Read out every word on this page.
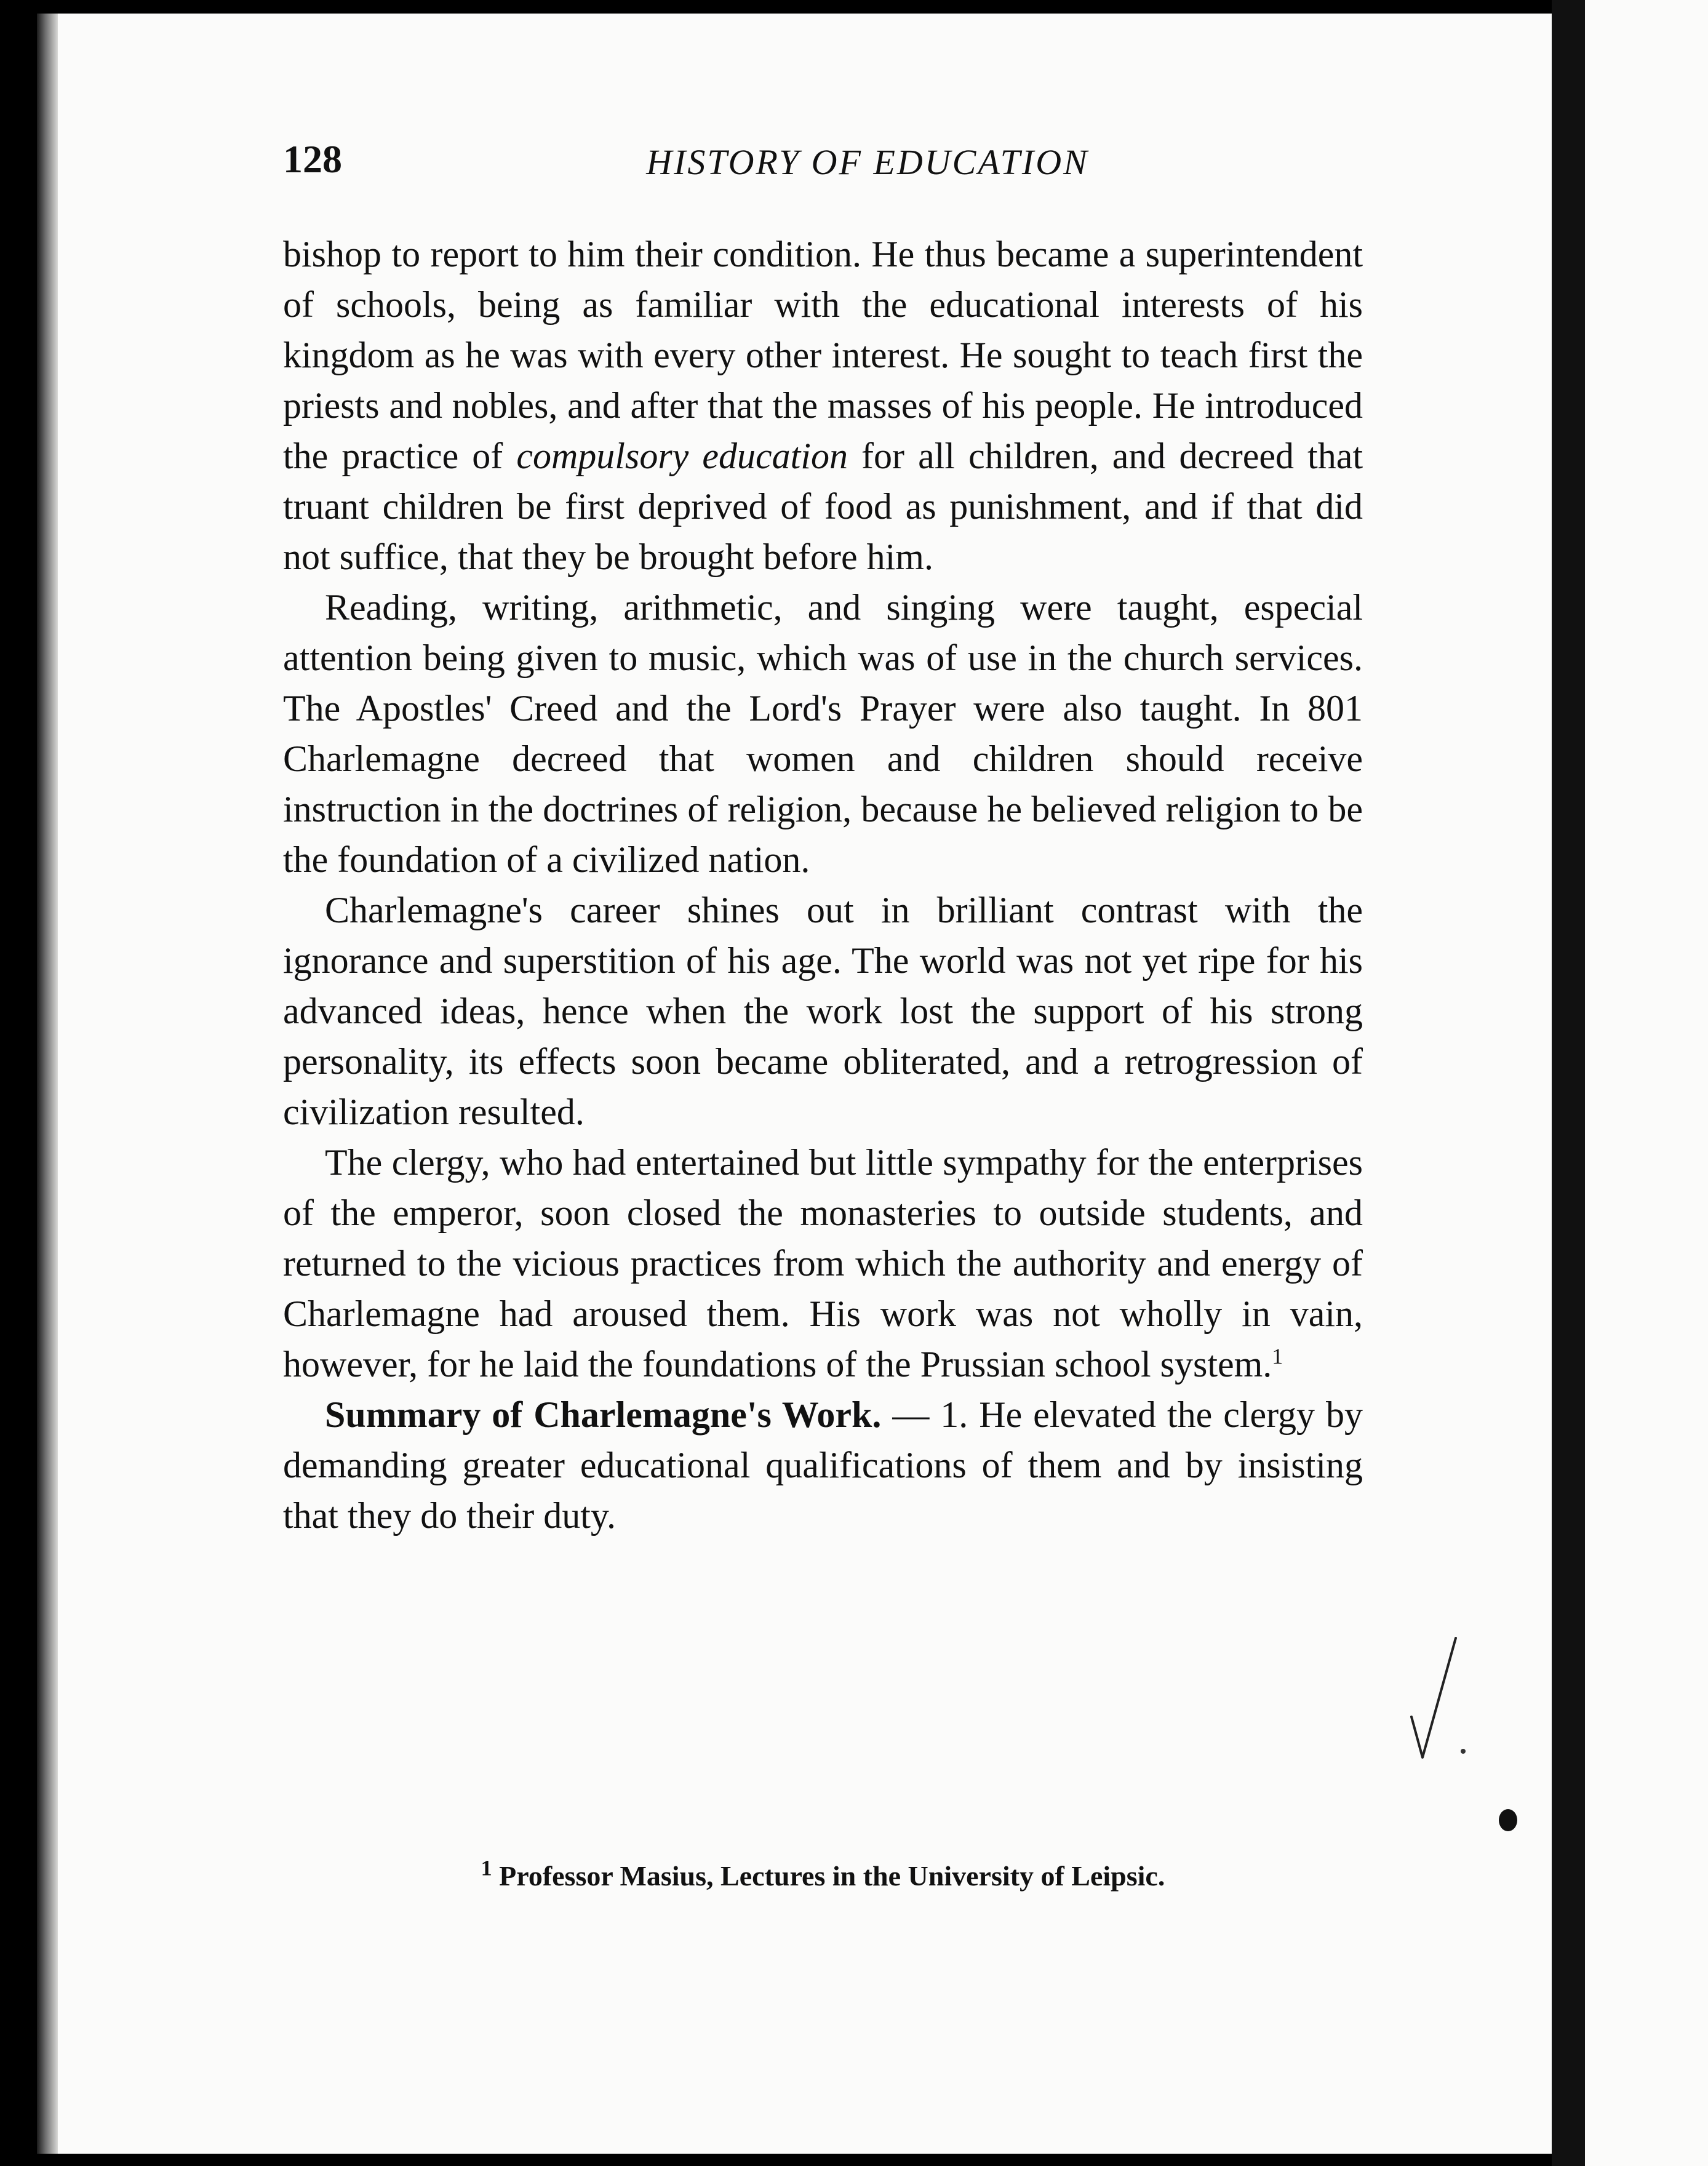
128	HISTORY OF EDUCATION

bishop to report to him their condition. He thus became a superintendent of schools, being as familiar with the educational interests of his kingdom as he was with every other interest. He sought to teach first the priests and nobles, and after that the masses of his people. He introduced the practice of compulsory education for all children, and decreed that truant children be first deprived of food as punishment, and if that did not suffice, that they be brought before him.

Reading, writing, arithmetic, and singing were taught, especial attention being given to music, which was of use in the church services. The Apostles' Creed and the Lord's Prayer were also taught. In 801 Charlemagne decreed that women and children should receive instruction in the doctrines of religion, because he believed religion to be the foundation of a civilized nation.

Charlemagne's career shines out in brilliant contrast with the ignorance and superstition of his age. The world was not yet ripe for his advanced ideas, hence when the work lost the support of his strong personality, its effects soon became obliterated, and a retrogression of civilization resulted.

The clergy, who had entertained but little sympathy for the enterprises of the emperor, soon closed the monasteries to outside students, and returned to the vicious practices from which the authority and energy of Charlemagne had aroused them. His work was not wholly in vain, however, for he laid the foundations of the Prussian school system.$^1$

Summary of Charlemagne's Work. — 1. He elevated the clergy by demanding greater educational qualifications of them and by insisting that they do their duty.

$^1$ Professor Masius, Lectures in the University of Leipsic.
